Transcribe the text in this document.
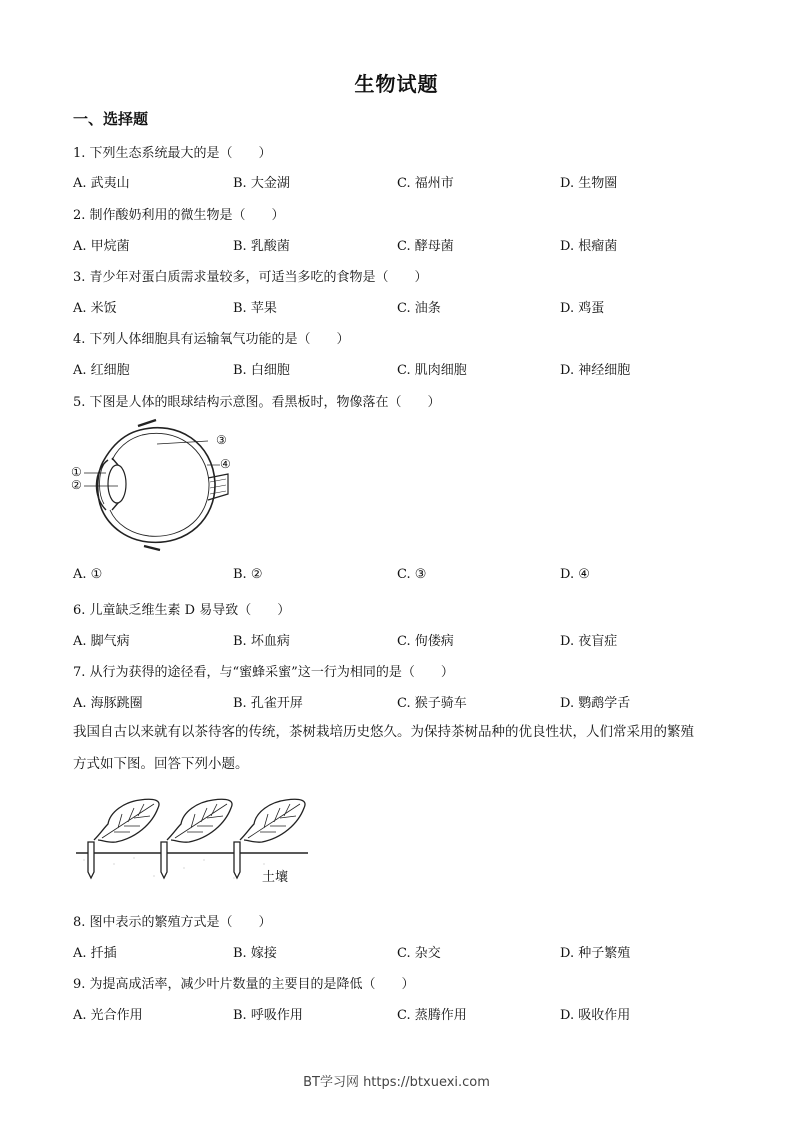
生物试题
一、选择题
1. 下列生态系统最大的是（　　）
A. 武夷山	B. 大金湖	C. 福州市	D. 生物圈
2. 制作酸奶利用的微生物是（　　）
A. 甲烷菌	B. 乳酸菌	C. 酵母菌	D. 根瘤菌
3. 青少年对蛋白质需求量较多，可适当多吃的食物是（　　）
A. 米饭	B. 苹果	C. 油条	D. 鸡蛋
4. 下列人体细胞具有运输氧气功能的是（　　）
A. 红细胞	B. 白细胞	C. 肌肉细胞	D. 神经细胞
5. 下图是人体的眼球结构示意图。看黑板时，物像落在（　　）
③
④
①
②
A. ①	B. ②	C. ③	D. ④
6. 儿童缺乏维生素 D 易导致（　　）
A. 脚气病	B. 坏血病	C. 佝偻病	D. 夜盲症
7. 从行为获得的途径看，与“蜜蜂采蜜”这一行为相同的是（　　）
A. 海豚跳圈	B. 孔雀开屏	C. 猴子骑车	D. 鹦鹉学舌
我国自古以来就有以茶待客的传统，茶树栽培历史悠久。为保持茶树品种的优良性状，人们常采用的繁殖
方式如下图。回答下列小题。
土壤
8. 图中表示的繁殖方式是（　　）
A. 扦插	B. 嫁接	C. 杂交	D. 种子繁殖
9. 为提高成活率，减少叶片数量的主要目的是降低（　　）
A. 光合作用	B. 呼吸作用	C. 蒸腾作用	D. 吸收作用
BT学习网 https://btxuexi.com
